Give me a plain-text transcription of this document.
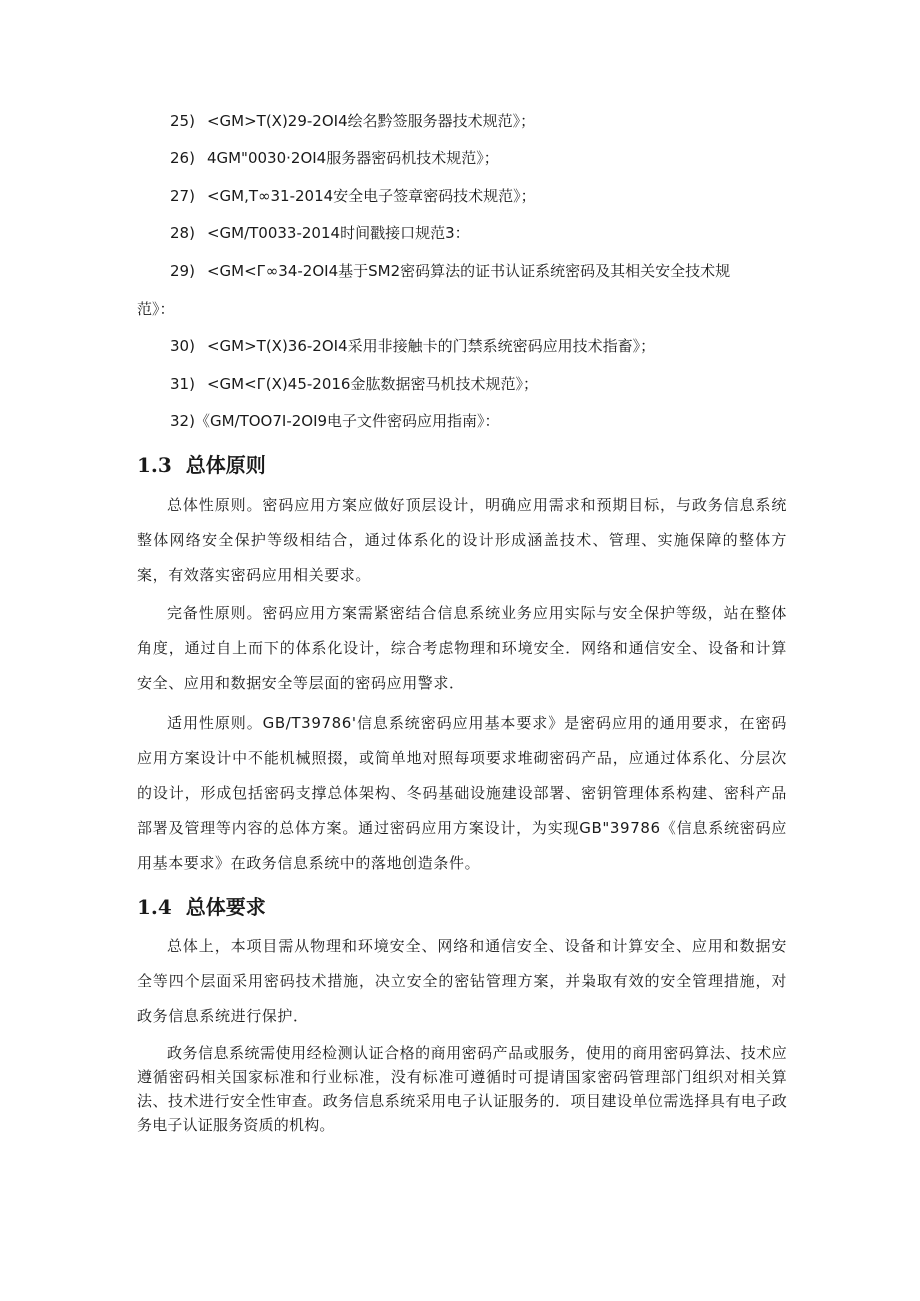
25) <GM>T(X)29-2OI4绘名黔签服务器技术规范》；
26) 4GM"0030·2OI4服务器密码机技术规范》；
27) <GM,T∞31-2014安全电子签章密码技术规范》；
28) <GM/T0033-2014时间戳接口规范3：
29) <GM<Г∞34-2OI4基于SM2密码算法的证书认证系统密码及其相关安全技术规
范》：
30) <GM>T(X)36-2OI4采用非接触卡的门禁系统密码应用技术指畜》；
31) <GM<Г(X)45-2016金肱数据密马机技术规范》；
32)《GM/TOO7I-2OI9电子文件密码应用指南》：
1.3 总体原则

总体性原则。密码应用方案应做好顶层设计，明确应用需求和预期目标，与政务信息系统整体网络安全保护等级相结合，通过体系化的设计形成涵盖技术、管理、实施保障的整体方案，有效落实密码应用相关要求。

完备性原则。密码应用方案需紧密结合信息系统业务应用实际与安全保护等级，站在整体角度，通过自上而下的体系化设计，综合考虑物理和环境安全．网络和通信安全、设备和计算安全、应用和数据安全等层面的密码应用警求．

适用性原则。GB/T39786'信息系统密码应用基本要求》是密码应用的通用要求，在密码应用方案设计中不能机械照掇，或简单地对照每项要求堆砌密码产品，应通过体系化、分层次的设计，形成包括密码支撑总体架构、冬码基础设施建设部署、密钥管理体系构建、密科产品部署及管理等内容的总体方案。通过密码应用方案设计，为实现GB"39786《信息系统密码应用基本要求》在政务信息系统中的落地创造条件。

1.4 总体要求

总体上，本项目需从物理和环境安全、网络和通信安全、设备和计算安全、应用和数据安全等四个层面采用密码技术措施，决立安全的密钻管理方案，并枭取有效的安全管理措施，对政务信息系统进行保护．

政务信息系统需使用经检测认证合格的商用密码产品或服务，使用的商用密码算法、技术应遵循密码相关国家标准和行业标准，没有标准可遵循时可提请国家密码管理部门组织对相关算法、技术进行安全性审查。政务信息系统采用电子认证服务的．项目建设单位需选择具有电子政务电子认证服务资质的机构。
